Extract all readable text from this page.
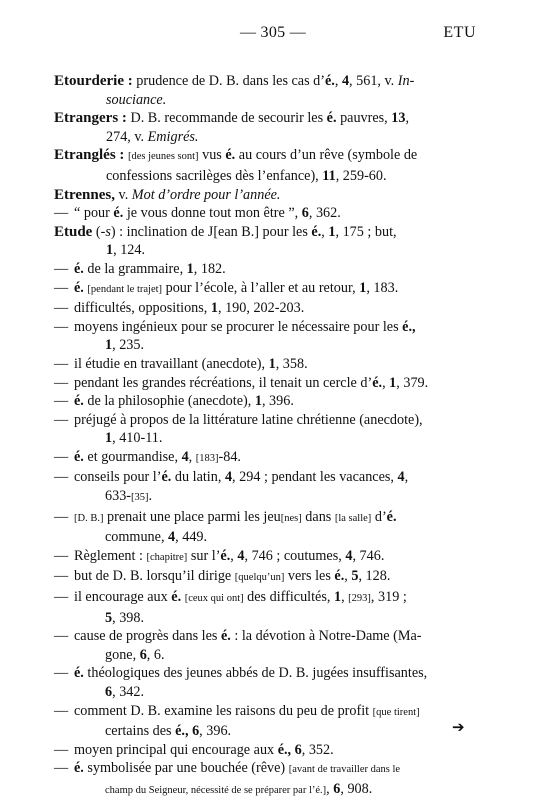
— 305 —	ETU
Etourderie : prudence de D. B. dans les cas d’é., 4, 561, v. In-
souciance.
Etrangers : D. B. recommande de secourir les é. pauvres, 13,
274, v. Emigrés.
Etranglés : [des jeunes sont] vus é. au cours d’un rêve (symbole de
confessions sacrilèges dès l’enfance), 11, 259-60.
Etrennes, v. Mot d’ordre pour l’année.
— “ pour é. je vous donne tout mon être ”, 6, 362.
Etude (-s) : inclination de J[ean B.] pour les é., 1, 175 ; but,
1, 124.
— é. de la grammaire, 1, 182.
— é. [pendant le trajet] pour l’école, à l’aller et au retour, 1, 183.
— difficultés, oppositions, 1, 190, 202-203.
— moyens ingénieux pour se procurer le nécessaire pour les é.,
1, 235.
— il étudie en travaillant (anecdote), 1, 358.
— pendant les grandes récréations, il tenait un cercle d’é., 1, 379.
— é. de la philosophie (anecdote), 1, 396.
— préjugé à propos de la littérature latine chrétienne (anecdote),
1, 410-11.
— é. et gourmandise, 4, [183]-84.
— conseils pour l’é. du latin, 4, 294 ; pendant les vacances, 4,
633-[35].
— [D. B.] prenait une place parmi les jeu[nes] dans [la salle] d’é.
commune, 4, 449.
— Règlement : [chapitre] sur l’é., 4, 746 ; coutumes, 4, 746.
— but de D. B. lorsqu’il dirige [quelqu’un] vers les é., 5, 128.
— il encourage aux é. [ceux qui ont] des difficultés, 1, [293], 319 ;
5, 398.
— cause de progrès dans les é. : la dévotion à Notre-Dame (Ma-
gone, 6, 6.
— é. théologiques des jeunes abbés de D. B. jugées insuffisantes,
6, 342.
— comment D. B. examine les raisons du peu de profit [que tirent]
certains des é., 6, 396.
— moyen principal qui encourage aux é., 6, 352.
— é. symbolisée par une bouchée (rêve) [avant de travailler dans le
champ du Seigneur, nécessité de se préparer par l’é.], 6, 908.
➔
